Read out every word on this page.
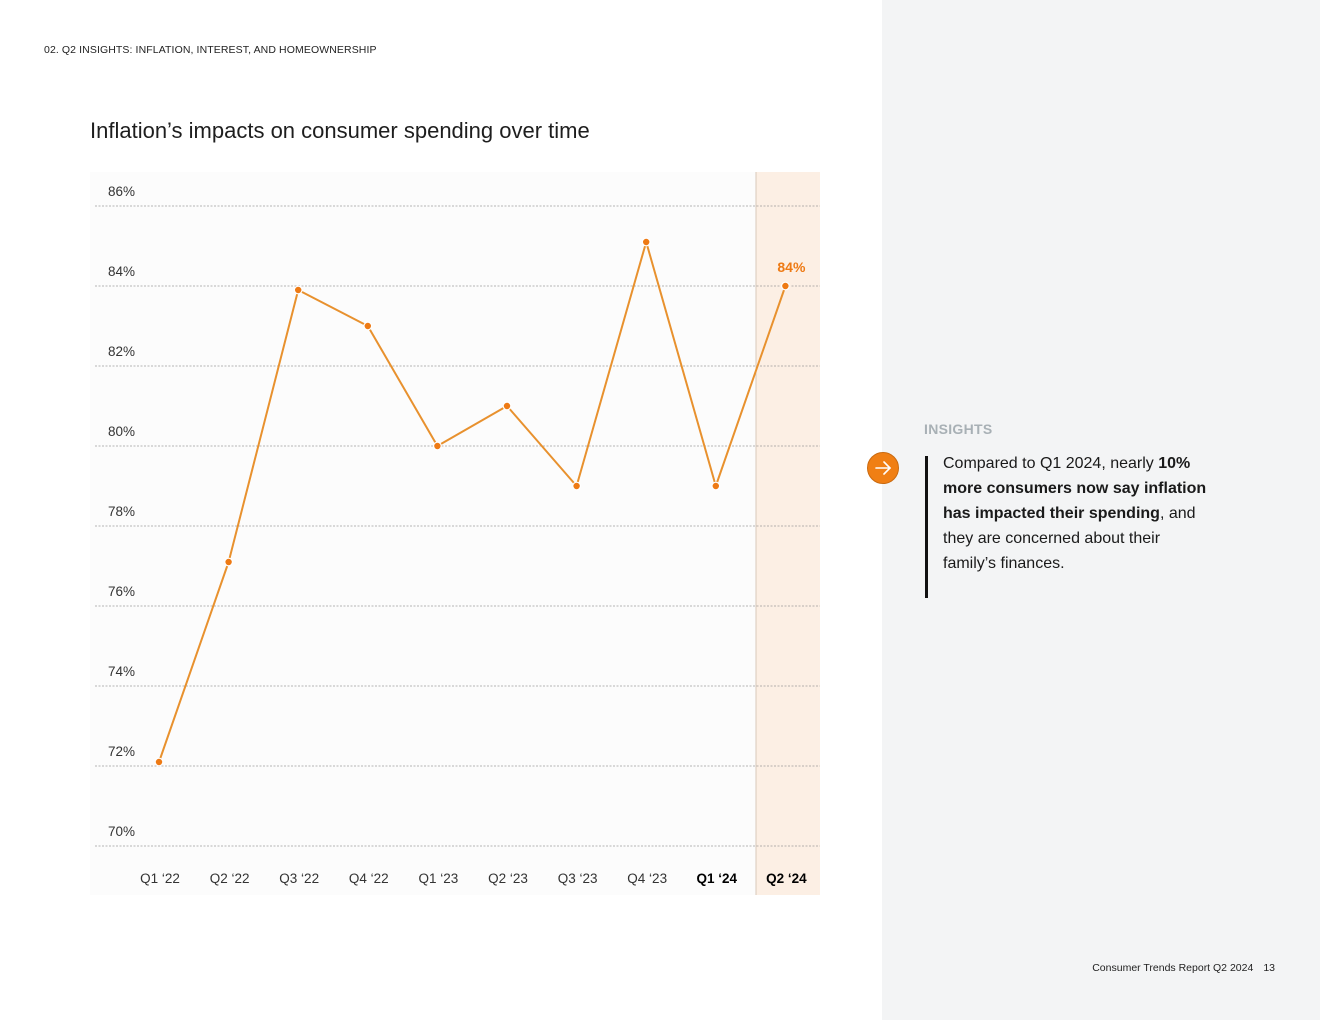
02. Q2 INSIGHTS: INFLATION, INTEREST, AND HOMEOWNERSHIP
Inflation’s impacts on consumer spending over time
70%
72%
74%
76%
78%
80%
82%
84%
86%
Q1 ‘22 Q2 ‘22 Q3 ‘22 Q4 ‘22 Q1 ‘23 Q2 ‘23 Q3 ‘23 Q4 ‘23 Q1 ‘24 Q2 ‘24
84%
INSIGHTS

Compared to Q1 2024, nearly 10% more consumers now say inflation has impacted their spending, and they are concerned about their family’s finances.

Consumer Trends Report Q2 2024 13
